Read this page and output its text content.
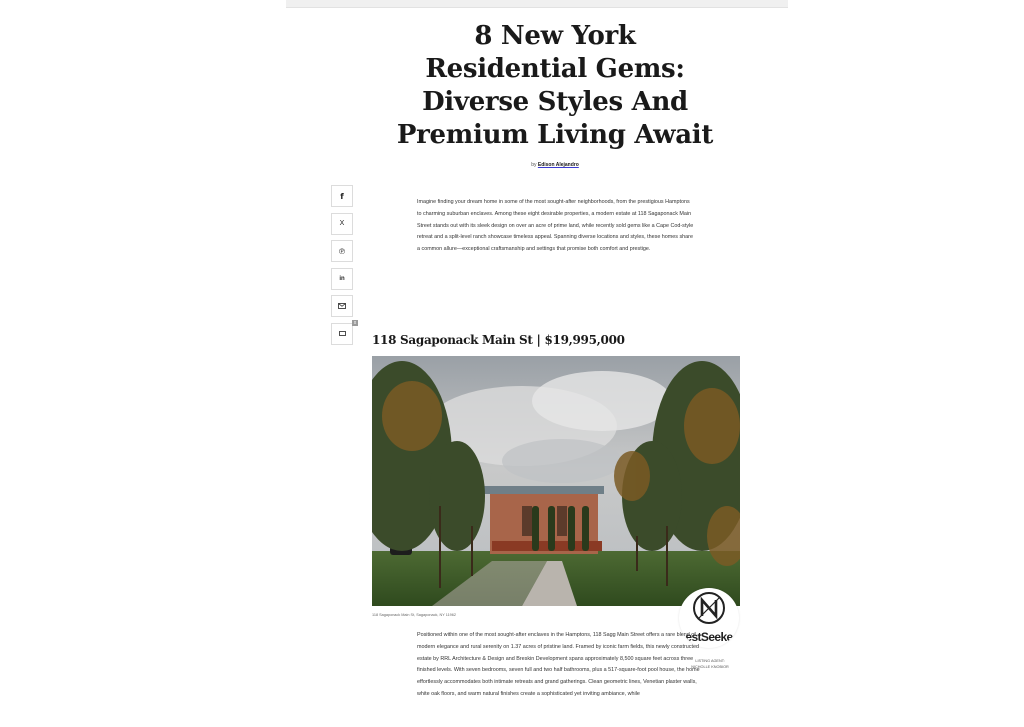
8 New York Residential Gems: Diverse Styles And Premium Living Await
by Edison Alejandro
f
X
℗
in
x

Imagine finding your dream home in some of the most sought-after neighborhoods, from the prestigious Hamptons to charming suburban enclaves. Among these eight desirable properties, a modern estate at 118 Sagaponack Main Street stands out with its sleek design on over an acre of prime land, while recently sold gems like a Cape Cod-style retreat and a split-level ranch showcase timeless appeal. Spanning diverse locations and styles, these homes share a common allure—exceptional craftsmanship and settings that promise both comfort and prestige.

118 Sagaponack Main St | $19,995,000
118 Sagaponack Main St, Sagaponack, NY 11962
estSeeke
LISTING AGENT:
NICHOLLE KNOBIOR

Positioned within one of the most sought-after enclaves in the Hamptons, 118 Sagg Main Street offers a rare blend of modern elegance and rural serenity on 1.37 acres of pristine land. Framed by iconic farm fields, this newly constructed estate by RRL Architecture & Design and Breskin Development spans approximately 8,500 square feet across three finished levels. With seven bedrooms, seven full and two half bathrooms, plus a 517-square-foot pool house, the home effortlessly accommodates both intimate retreats and grand gatherings. Clean geometric lines, Venetian plaster walls, white oak floors, and warm natural finishes create a sophisticated yet inviting ambiance, while
